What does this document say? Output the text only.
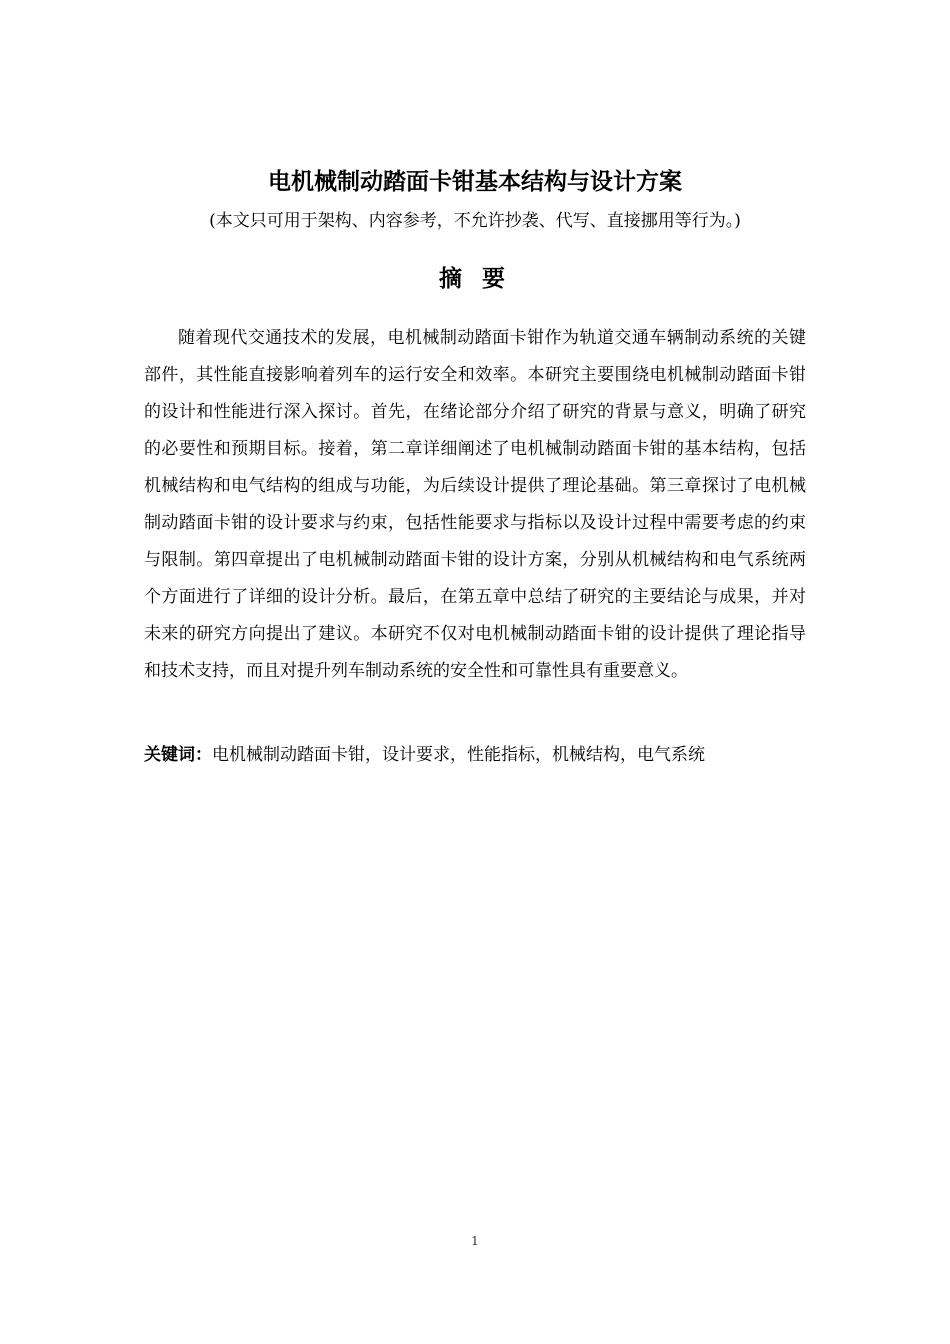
电机械制动踏面卡钳基本结构与设计方案

(本文只可用于架构、内容参考，不允许抄袭、代写、直接挪用等行为。)

摘 要

随着现代交通技术的发展，电机械制动踏面卡钳作为轨道交通车辆制动系统的关键部件，其性能直接影响着列车的运行安全和效率。本研究主要围绕电机械制动踏面卡钳的设计和性能进行深入探讨。首先，在绪论部分介绍了研究的背景与意义，明确了研究的必要性和预期目标。接着，第二章详细阐述了电机械制动踏面卡钳的基本结构，包括机械结构和电气结构的组成与功能，为后续设计提供了理论基础。第三章探讨了电机械制动踏面卡钳的设计要求与约束，包括性能要求与指标以及设计过程中需要考虑的约束与限制。第四章提出了电机械制动踏面卡钳的设计方案，分别从机械结构和电气系统两个方面进行了详细的设计分析。最后，在第五章中总结了研究的主要结论与成果，并对未来的研究方向提出了建议。本研究不仅对电机械制动踏面卡钳的设计提供了理论指导和技术支持，而且对提升列车制动系统的安全性和可靠性具有重要意义。

关键词：电机械制动踏面卡钳，设计要求，性能指标，机械结构，电气系统

1
